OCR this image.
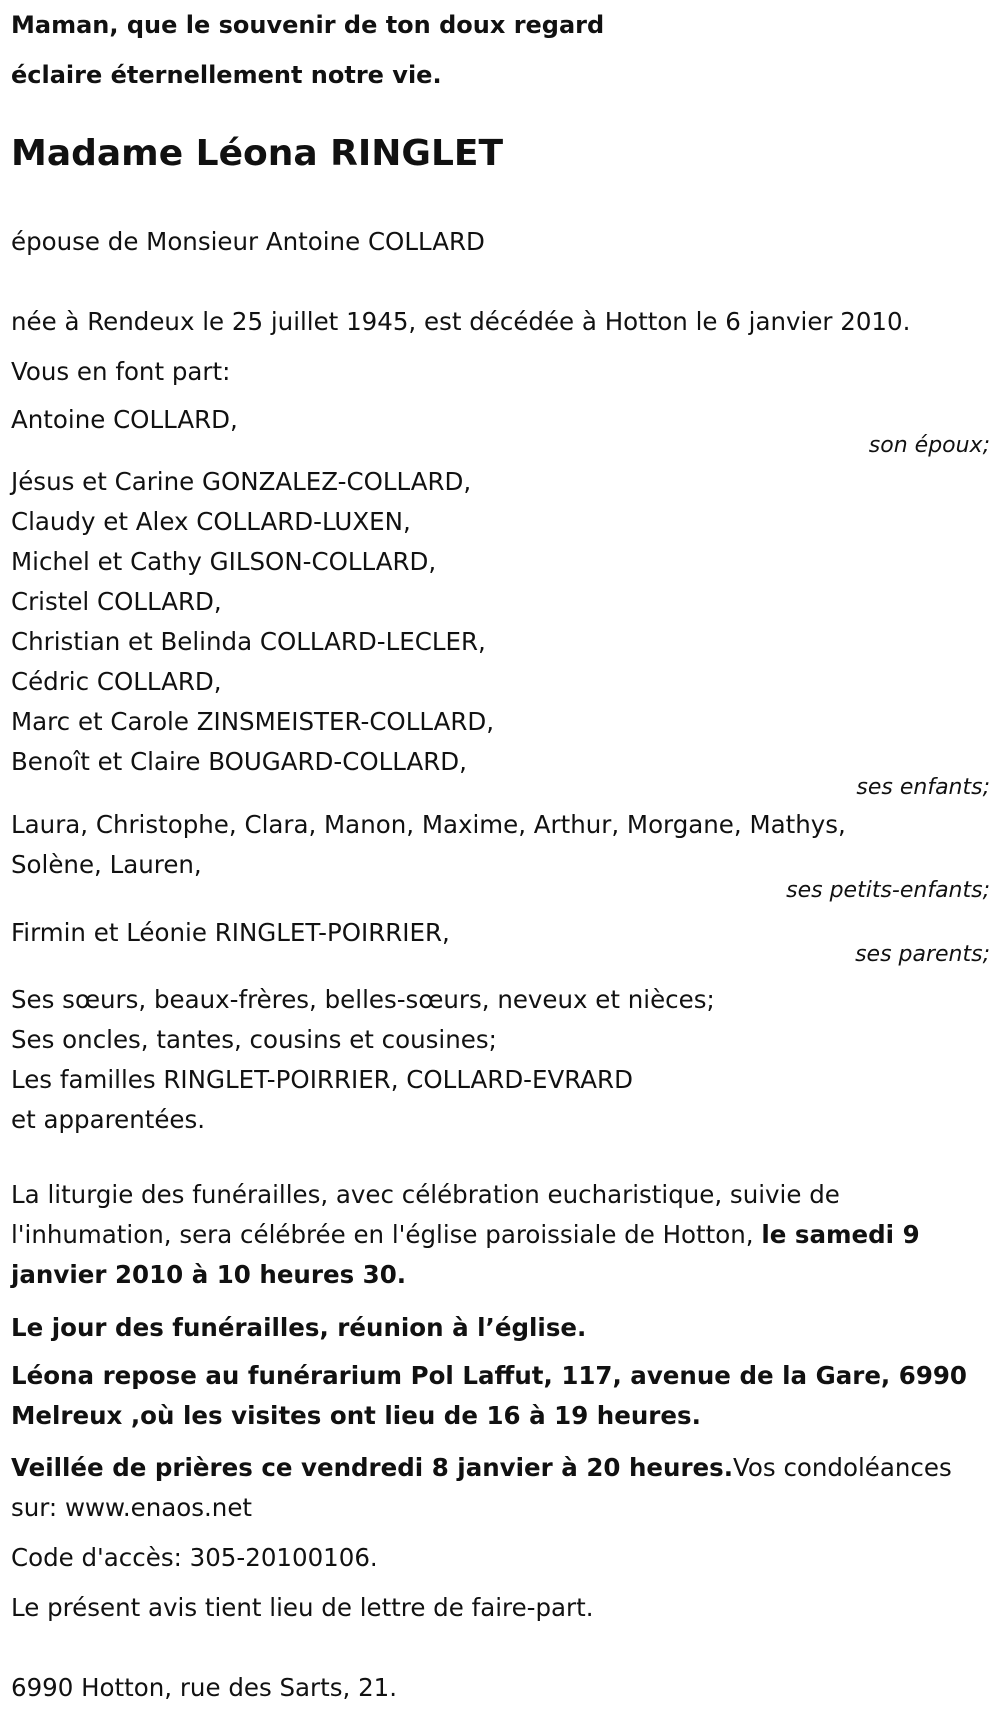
Maman, que le souvenir de ton doux regard
éclaire éternellement notre vie.
Madame Léona RINGLET
épouse de Monsieur Antoine COLLARD
née à Rendeux le 25 juillet 1945, est décédée à Hotton le 6 janvier 2010.
Vous en font part:
Antoine COLLARD,
son époux;
Jésus et Carine GONZALEZ-COLLARD,
Claudy et Alex COLLARD-LUXEN,
Michel et Cathy GILSON-COLLARD,
Cristel COLLARD,
Christian et Belinda COLLARD-LECLER,
Cédric COLLARD,
Marc et Carole ZINSMEISTER-COLLARD,
Benoît et Claire BOUGARD-COLLARD,
ses enfants;
Laura, Christophe, Clara, Manon, Maxime, Arthur, Morgane, Mathys,
Solène, Lauren,
ses petits-enfants;
Firmin et Léonie RINGLET-POIRRIER,
ses parents;
Ses sœurs, beaux-frères, belles-sœurs, neveux et nièces;
Ses oncles, tantes, cousins et cousines;
Les familles RINGLET-POIRRIER, COLLARD-EVRARD
et apparentées.
La liturgie des funérailles, avec célébration eucharistique, suivie de l'inhumation, sera célébrée en l'église paroissiale de Hotton, le samedi 9 janvier 2010 à 10 heures 30.
Le jour des funérailles, réunion à l’église.
Léona repose au funérarium Pol Laffut, 117, avenue de la Gare, 6990 Melreux ,où les visites ont lieu de 16 à 19 heures.
Veillée de prières ce vendredi 8 janvier à 20 heures.Vos condoléances sur: www.enaos.net
Code d'accès: 305-20100106.
Le présent avis tient lieu de lettre de faire-part.
6990 Hotton, rue des Sarts, 21.
